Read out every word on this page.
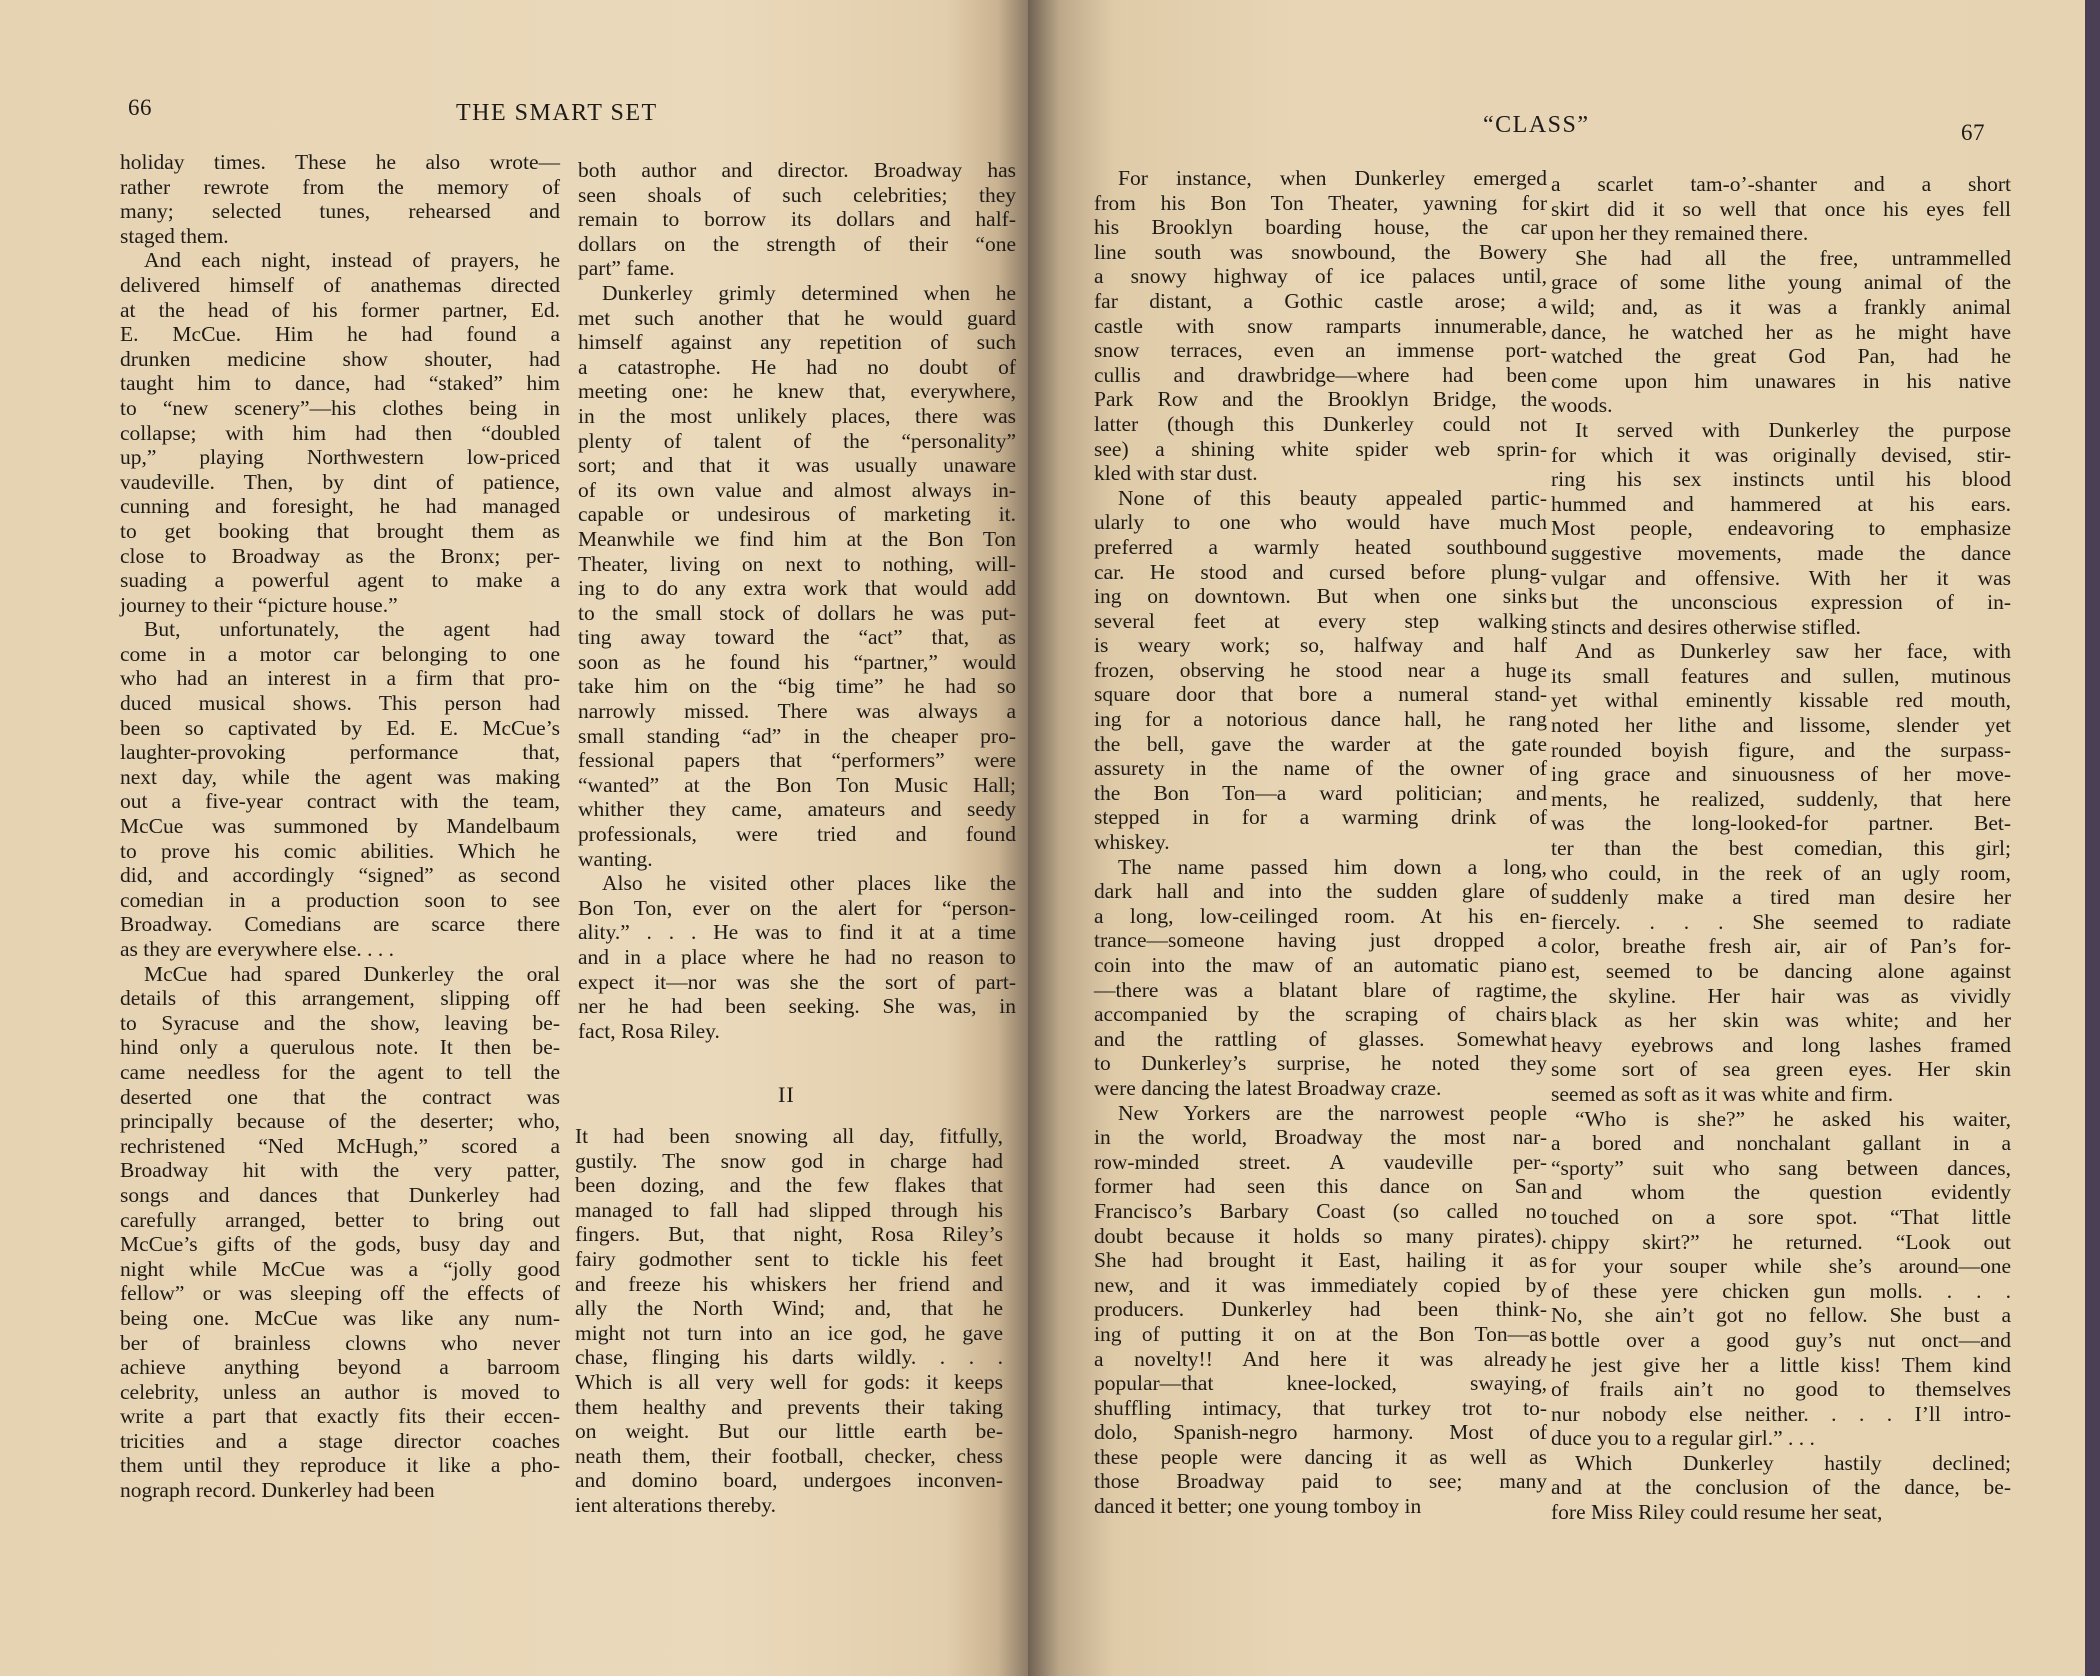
66	THE SMART SET
holiday times. These he also wrote—
rather rewrote from the memory of
many; selected tunes, rehearsed and
staged them.
And each night, instead of prayers, he
delivered himself of anathemas directed
at the head of his former partner, Ed.
E. McCue. Him he had found a
drunken medicine show shouter, had
taught him to dance, had “staked” him
to “new scenery”—his clothes being in
collapse; with him had then “doubled
up,” playing Northwestern low-priced
vaudeville. Then, by dint of patience,
cunning and foresight, he had managed
to get booking that brought them as
close to Broadway as the Bronx; per-
suading a powerful agent to make a
journey to their “picture house.”
But, unfortunately, the agent had
come in a motor car belonging to one
who had an interest in a firm that pro-
duced musical shows. This person had
been so captivated by Ed. E. McCue’s
laughter-provoking performance that,
next day, while the agent was making
out a five-year contract with the team,
McCue was summoned by Mandelbaum
to prove his comic abilities. Which he
did, and accordingly “signed” as second
comedian in a production soon to see
Broadway. Comedians are scarce there
as they are everywhere else. . . .
McCue had spared Dunkerley the oral
details of this arrangement, slipping off
to Syracuse and the show, leaving be-
hind only a querulous note. It then be-
came needless for the agent to tell the
deserted one that the contract was
principally because of the deserter; who,
rechristened “Ned McHugh,” scored a
Broadway hit with the very patter,
songs and dances that Dunkerley had
carefully arranged, better to bring out
McCue’s gifts of the gods, busy day and
night while McCue was a “jolly good
fellow” or was sleeping off the effects of
being one. McCue was like any num-
ber of brainless clowns who never
achieve anything beyond a barroom
celebrity, unless an author is moved to
write a part that exactly fits their eccen-
tricities and a stage director coaches
them until they reproduce it like a pho-
nograph record. Dunkerley had been
both author and director. Broadway has
seen shoals of such celebrities; they
remain to borrow its dollars and half-
dollars on the strength of their “one
part” fame.
Dunkerley grimly determined when he
met such another that he would guard
himself against any repetition of such
a catastrophe. He had no doubt of
meeting one: he knew that, everywhere,
in the most unlikely places, there was
plenty of talent of the “personality”
sort; and that it was usually unaware
of its own value and almost always in-
capable or undesirous of marketing it.
Meanwhile we find him at the Bon Ton
Theater, living on next to nothing, will-
ing to do any extra work that would add
to the small stock of dollars he was put-
ting away toward the “act” that, as
soon as he found his “partner,” would
take him on the “big time” he had so
narrowly missed. There was always a
small standing “ad” in the cheaper pro-
fessional papers that “performers” were
“wanted” at the Bon Ton Music Hall;
whither they came, amateurs and seedy
professionals, were tried and found
wanting.
Also he visited other places like the
Bon Ton, ever on the alert for “person-
ality.” . . . He was to find it at a time
and in a place where he had no reason to
expect it—nor was she the sort of part-
ner he had been seeking. She was, in
fact, Rosa Riley.
II
It had been snowing all day, fitfully,
gustily. The snow god in charge had
been dozing, and the few flakes that
managed to fall had slipped through his
fingers. But, that night, Rosa Riley’s
fairy godmother sent to tickle his feet
and freeze his whiskers her friend and
ally the North Wind; and, that he
might not turn into an ice god, he gave
chase, flinging his darts wildly. . . .
Which is all very well for gods: it keeps
them healthy and prevents their taking
on weight. But our little earth be-
neath them, their football, checker, chess
and domino board, undergoes inconven-
ient alterations thereby.
“CLASS”	67
For instance, when Dunkerley emerged
from his Bon Ton Theater, yawning for
his Brooklyn boarding house, the car
line south was snowbound, the Bowery
a snowy highway of ice palaces until,
far distant, a Gothic castle arose; a
castle with snow ramparts innumerable,
snow terraces, even an immense port-
cullis and drawbridge—where had been
Park Row and the Brooklyn Bridge, the
latter (though this Dunkerley could not
see) a shining white spider web sprin-
kled with star dust.
None of this beauty appealed partic-
ularly to one who would have much
preferred a warmly heated southbound
car. He stood and cursed before plung-
ing on downtown. But when one sinks
several feet at every step walking
is weary work; so, halfway and half
frozen, observing he stood near a huge
square door that bore a numeral stand-
ing for a notorious dance hall, he rang
the bell, gave the warder at the gate
assurety in the name of the owner of
the Bon Ton—a ward politician; and
stepped in for a warming drink of
whiskey.
The name passed him down a long,
dark hall and into the sudden glare of
a long, low-ceilinged room. At his en-
trance—someone having just dropped a
coin into the maw of an automatic piano
—there was a blatant blare of ragtime,
accompanied by the scraping of chairs
and the rattling of glasses. Somewhat
to Dunkerley’s surprise, he noted they
were dancing the latest Broadway craze.
New Yorkers are the narrowest people
in the world, Broadway the most nar-
row-minded street. A vaudeville per-
former had seen this dance on San
Francisco’s Barbary Coast (so called no
doubt because it holds so many pirates).
She had brought it East, hailing it as
new, and it was immediately copied by
producers. Dunkerley had been think-
ing of putting it on at the Bon Ton—as
a novelty!! And here it was already
popular—that knee-locked, swaying,
shuffling intimacy, that turkey trot to-
dolo, Spanish-negro harmony. Most of
these people were dancing it as well as
those Broadway paid to see; many
danced it better; one young tomboy in
a scarlet tam-o’-shanter and a short
skirt did it so well that once his eyes fell
upon her they remained there.
She had all the free, untrammelled
grace of some lithe young animal of the
wild; and, as it was a frankly animal
dance, he watched her as he might have
watched the great God Pan, had he
come upon him unawares in his native
woods.
It served with Dunkerley the purpose
for which it was originally devised, stir-
ring his sex instincts until his blood
hummed and hammered at his ears.
Most people, endeavoring to emphasize
suggestive movements, made the dance
vulgar and offensive. With her it was
but the unconscious expression of in-
stincts and desires otherwise stifled.
And as Dunkerley saw her face, with
its small features and sullen, mutinous
yet withal eminently kissable red mouth,
noted her lithe and lissome, slender yet
rounded boyish figure, and the surpass-
ing grace and sinuousness of her move-
ments, he realized, suddenly, that here
was the long-looked-for partner. Bet-
ter than the best comedian, this girl;
who could, in the reek of an ugly room,
suddenly make a tired man desire her
fiercely. . . . She seemed to radiate
color, breathe fresh air, air of Pan’s for-
est, seemed to be dancing alone against
the skyline. Her hair was as vividly
black as her skin was white; and her
heavy eyebrows and long lashes framed
some sort of sea green eyes. Her skin
seemed as soft as it was white and firm.
“Who is she?” he asked his waiter,
a bored and nonchalant gallant in a
“sporty” suit who sang between dances,
and whom the question evidently
touched on a sore spot. “That little
chippy skirt?” he returned. “Look out
for your souper while she’s around—one
of these yere chicken gun molls. . . .
No, she ain’t got no fellow. She bust a
bottle over a good guy’s nut onct—and
he jest give her a little kiss! Them kind
of frails ain’t no good to themselves
nur nobody else neither. . . . I’ll intro-
duce you to a regular girl.” . . .
Which Dunkerley hastily declined;
and at the conclusion of the dance, be-
fore Miss Riley could resume her seat,
